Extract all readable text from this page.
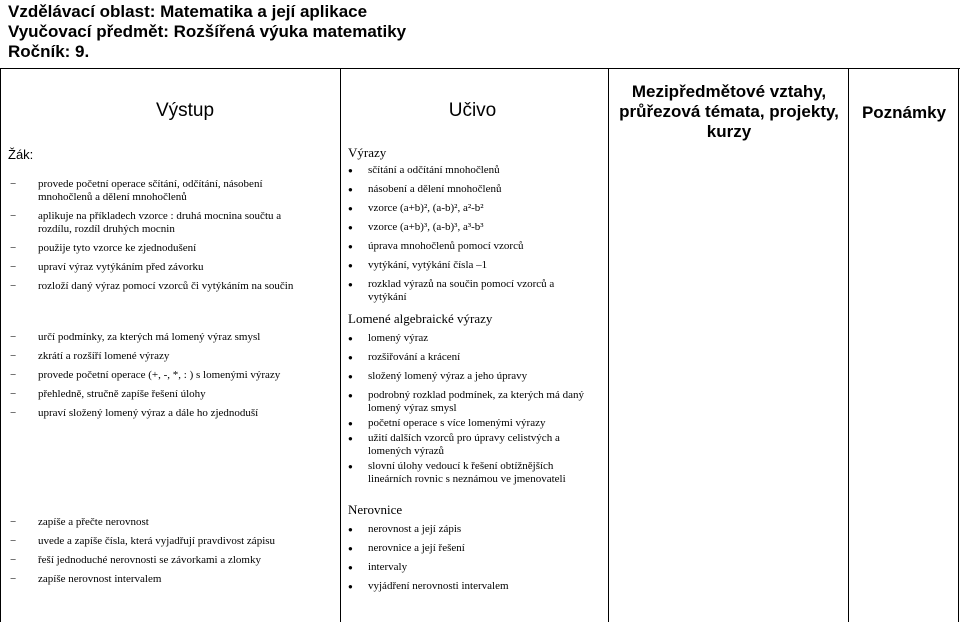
Vzdělávací oblast: Matematika a její aplikace
Vyučovací předmět: Rozšířená výuka matematiky
Ročník: 9.
Výstup	Učivo
Mezipředmětové vztahy, průřezová témata, projekty, kurzy
Poznámky
Žák:
− provede početní operace sčítání, odčítání, násobení mnohočlenů a dělení mnohočlenů
− aplikuje na příkladech vzorce : druhá mocnina součtu a rozdílu, rozdíl druhých mocnin
− použije tyto vzorce ke zjednodušení
− upraví výraz vytýkáním před závorku
− rozloží daný výraz pomocí vzorců či vytýkáním na součin
− určí podmínky, za kterých má lomený výraz smysl
− zkrátí a rozšíří lomené výrazy
− provede početní operace (+, -, *, : ) s lomenými výrazy
− přehledně, stručně zapíše řešení úlohy
− upraví složený lomený výraz a dále ho zjednoduší
− zapíše a přečte nerovnost
− uvede a zapíše čísla, která vyjadřují pravdivost zápisu
− řeší jednoduché nerovnosti se závorkami a zlomky
− zapíše nerovnost intervalem
Výrazy
● sčítání a odčítání mnohočlenů
● násobení a dělení mnohočlenů
● vzorce (a+b)², (a-b)², a²-b²
● vzorce (a+b)³, (a-b)³, a³-b³
● úprava mnohočlenů pomocí vzorců
● vytýkání, vytýkání čísla –1
● rozklad výrazů na součin pomocí vzorců a vytýkání
Lomené algebraické výrazy
● lomený výraz
● rozšiřování a krácení
● složený lomený výraz a jeho úpravy
● podrobný rozklad podmínek, za kterých má daný lomený výraz smysl
● početní operace s více lomenými výrazy
● užití dalších vzorců pro úpravy celistvých a lomených výrazů
● slovní úlohy vedoucí k řešení obtížnějších lineárních rovnic s neznámou ve jmenovateli
Nerovnice
● nerovnost a její zápis
● nerovnice a její řešení
● intervaly
● vyjádření nerovnosti intervalem
